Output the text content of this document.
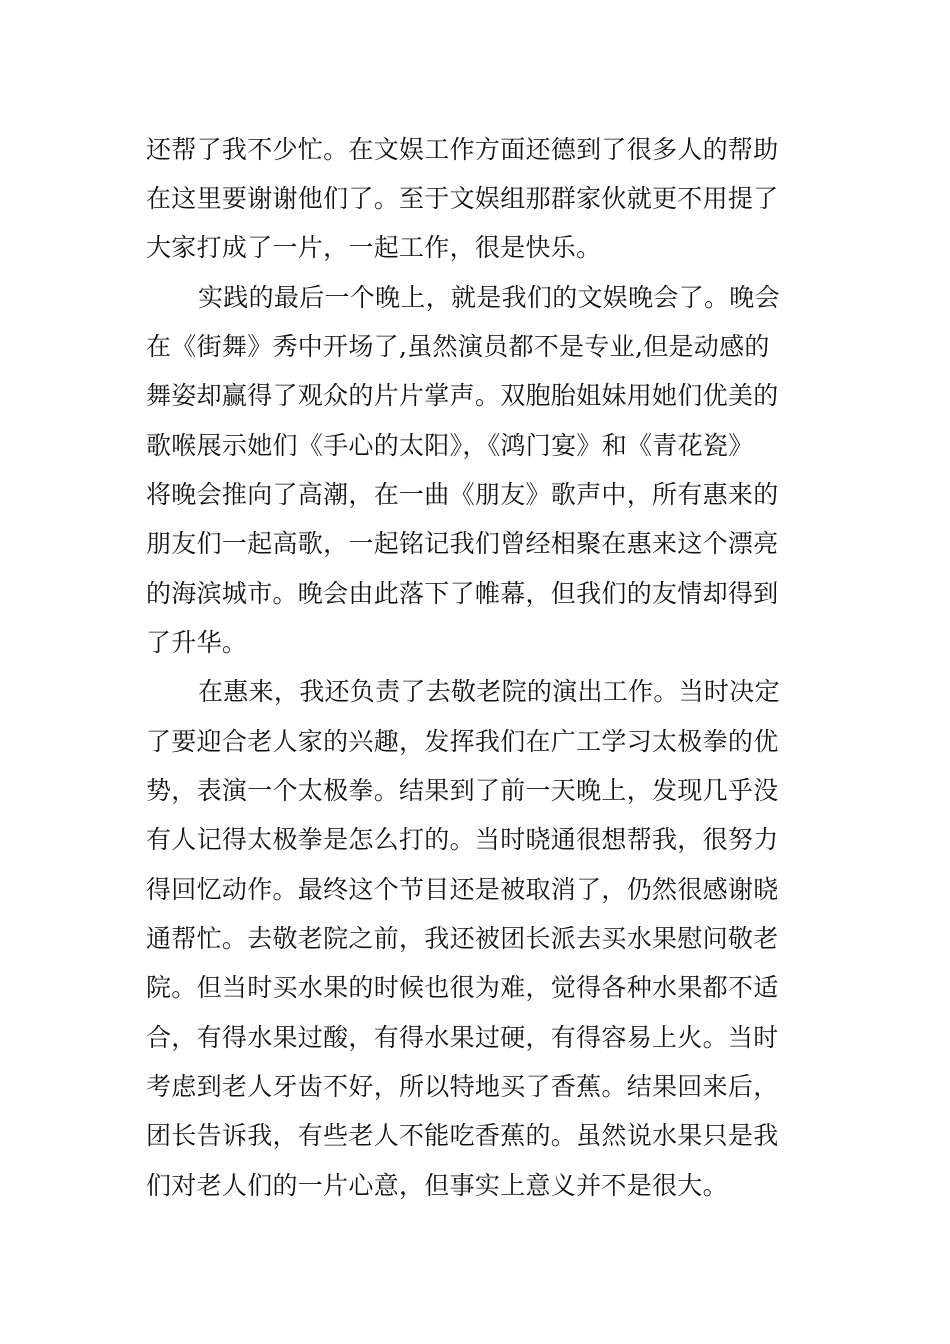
还帮了我不少忙。在文娱工作方面还德到了很多人的帮助
在这里要谢谢他们了。至于文娱组那群家伙就更不用提了
大家打成了一片，一起工作，很是快乐。
实践的最后一个晚上，就是我们的文娱晚会了。晚会
在《街舞》秀中开场了,虽然演员都不是专业,但是动感的
舞姿却赢得了观众的片片掌声。双胞胎姐妹用她们优美的
歌喉展示她们《手心的太阳》，《鸿门宴》和《青花瓷》
将晚会推向了高潮，在一曲《朋友》歌声中，所有惠来的
朋友们一起高歌，一起铭记我们曾经相聚在惠来这个漂亮
的海滨城市。晚会由此落下了帷幕，但我们的友情却得到
了升华。
在惠来，我还负责了去敬老院的演出工作。当时决定
了要迎合老人家的兴趣，发挥我们在广工学习太极拳的优
势，表演一个太极拳。结果到了前一天晚上，发现几乎没
有人记得太极拳是怎么打的。当时晓通很想帮我，很努力
得回忆动作。最终这个节目还是被取消了，仍然很感谢晓
通帮忙。去敬老院之前，我还被团长派去买水果慰问敬老
院。但当时买水果的时候也很为难，觉得各种水果都不适
合，有得水果过酸，有得水果过硬，有得容易上火。当时
考虑到老人牙齿不好，所以特地买了香蕉。结果回来后，
团长告诉我，有些老人不能吃香蕉的。虽然说水果只是我
们对老人们的一片心意，但事实上意义并不是很大。
